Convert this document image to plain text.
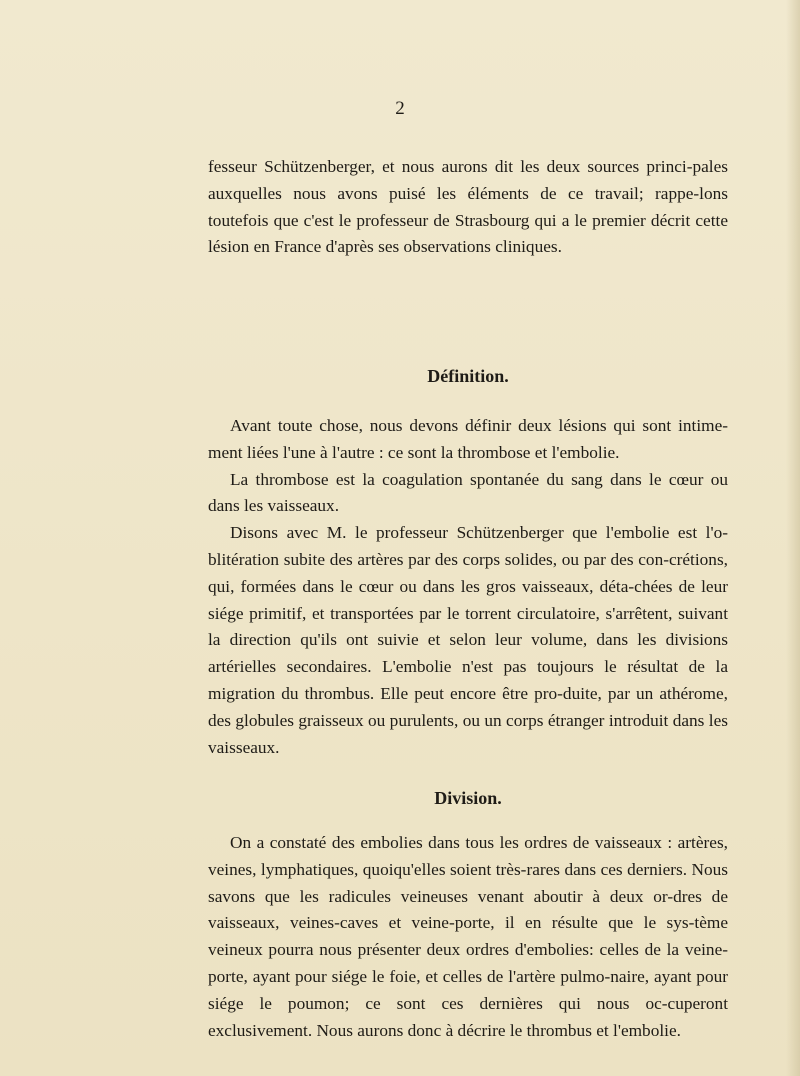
2

fesseur Schützenberger, et nous aurons dit les deux sources princi-pales auxquelles nous avons puisé les éléments de ce travail; rappe-lons toutefois que c'est le professeur de Strasbourg qui a le premier décrit cette lésion en France d'après ses observations cliniques.

Définition.

Avant toute chose, nous devons définir deux lésions qui sont intime-ment liées l'une à l'autre : ce sont la thrombose et l'embolie.

La thrombose est la coagulation spontanée du sang dans le cœur ou dans les vaisseaux.

Disons avec M. le professeur Schützenberger que l'embolie est l'o-blitération subite des artères par des corps solides, ou par des con-crétions, qui, formées dans le cœur ou dans les gros vaisseaux, déta-chées de leur siége primitif, et transportées par le torrent circulatoire, s'arrêtent, suivant la direction qu'ils ont suivie et selon leur volume, dans les divisions artérielles secondaires. L'embolie n'est pas toujours le résultat de la migration du thrombus. Elle peut encore être pro-duite, par un athérome, des globules graisseux ou purulents, ou un corps étranger introduit dans les vaisseaux.

Division.

On a constaté des embolies dans tous les ordres de vaisseaux : artères, veines, lymphatiques, quoiqu'elles soient très-rares dans ces derniers. Nous savons que les radicules veineuses venant aboutir à deux or-dres de vaisseaux, veines-caves et veine-porte, il en résulte que le sys-tème veineux pourra nous présenter deux ordres d'embolies: celles de la veine-porte, ayant pour siége le foie, et celles de l'artère pulmo-naire, ayant pour siége le poumon; ce sont ces dernières qui nous oc-cuperont exclusivement. Nous aurons donc à décrire le thrombus et l'embolie.
